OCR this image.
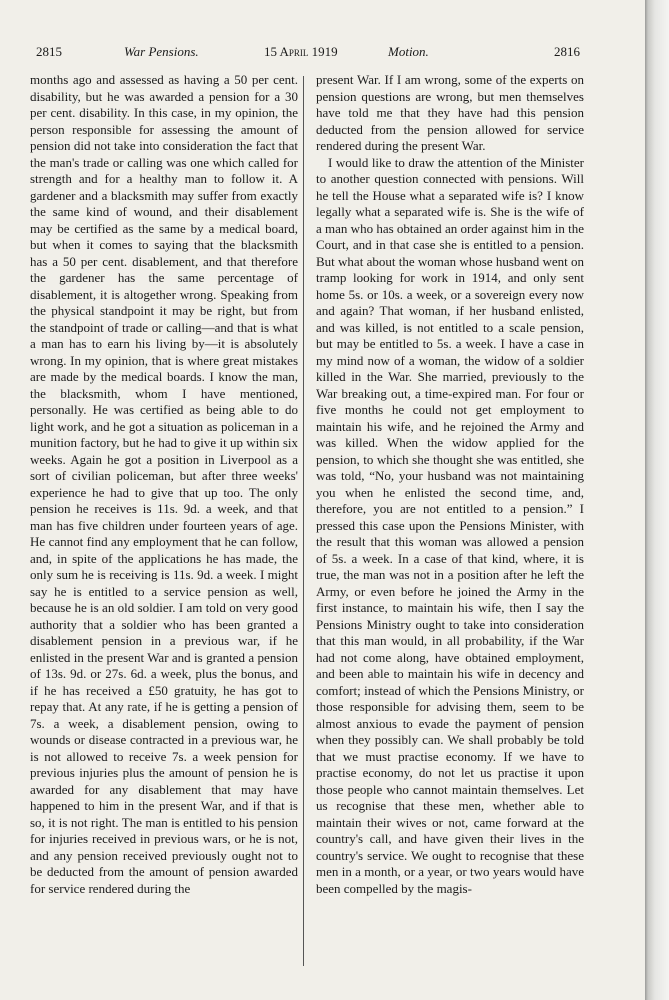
2815	War Pensions.	15 April 1919	Motion.	2816

months ago and assessed as having a 50 per cent. disability, but he was awarded a pension for a 30 per cent. disability. In this case, in my opinion, the person responsible for assessing the amount of pension did not take into consideration the fact that the man's trade or calling was one which called for strength and for a healthy man to follow it. A gardener and a blacksmith may suffer from exactly the same kind of wound, and their disablement may be certified as the same by a medical board, but when it comes to saying that the blacksmith has a 50 per cent. disablement, and that therefore the gardener has the same percentage of disablement, it is altogether wrong. Speaking from the physical standpoint it may be right, but from the standpoint of trade or calling—and that is what a man has to earn his living by—it is absolutely wrong. In my opinion, that is where great mistakes are made by the medical boards. I know the man, the blacksmith, whom I have mentioned, personally. He was certified as being able to do light work, and he got a situation as policeman in a munition factory, but he had to give it up within six weeks. Again he got a position in Liverpool as a sort of civilian policeman, but after three weeks' experience he had to give that up too. The only pension he receives is 11s. 9d. a week, and that man has five children under fourteen years of age. He cannot find any employment that he can follow, and, in spite of the applications he has made, the only sum he is receiving is 11s. 9d. a week. I might say he is entitled to a service pension as well, because he is an old soldier. I am told on very good authority that a soldier who has been granted a disablement pension in a previous war, if he enlisted in the present War and is granted a pension of 13s. 9d. or 27s. 6d. a week, plus the bonus, and if he has received a £50 gratuity, he has got to repay that. At any rate, if he is getting a pension of 7s. a week, a disablement pension, owing to wounds or disease contracted in a previous war, he is not allowed to receive 7s. a week pension for previous injuries plus the amount of pension he is awarded for any disablement that may have happened to him in the present War, and if that is so, it is not right. The man is entitled to his pension for injuries received in previous wars, or he is not, and any pension received previously ought not to be deducted from the amount of pension awarded for service rendered during the

present War. If I am wrong, some of the experts on pension questions are wrong, but men themselves have told me that they have had this pension deducted from the pension allowed for service rendered during the present War.

I would like to draw the attention of the Minister to another question connected with pensions. Will he tell the House what a separated wife is? I know legally what a separated wife is. She is the wife of a man who has obtained an order against him in the Court, and in that case she is entitled to a pension. But what about the woman whose husband went on tramp looking for work in 1914, and only sent home 5s. or 10s. a week, or a sovereign every now and again? That woman, if her husband enlisted, and was killed, is not entitled to a scale pension, but may be entitled to 5s. a week. I have a case in my mind now of a woman, the widow of a soldier killed in the War. She married, previously to the War breaking out, a time-expired man. For four or five months he could not get employment to maintain his wife, and he rejoined the Army and was killed. When the widow applied for the pension, to which she thought she was entitled, she was told, “No, your husband was not maintaining you when he enlisted the second time, and, therefore, you are not entitled to a pension.” I pressed this case upon the Pensions Minister, with the result that this woman was allowed a pension of 5s. a week. In a case of that kind, where, it is true, the man was not in a position after he left the Army, or even before he joined the Army in the first instance, to maintain his wife, then I say the Pensions Ministry ought to take into consideration that this man would, in all probability, if the War had not come along, have obtained employment, and been able to maintain his wife in decency and comfort; instead of which the Pensions Ministry, or those responsible for advising them, seem to be almost anxious to evade the payment of pension when they possibly can. We shall probably be told that we must practise economy. If we have to practise economy, do not let us practise it upon those people who cannot maintain themselves. Let us recognise that these men, whether able to maintain their wives or not, came forward at the country's call, and have given their lives in the country's service. We ought to recognise that these men in a month, or a year, or two years would have been compelled by the magis-
